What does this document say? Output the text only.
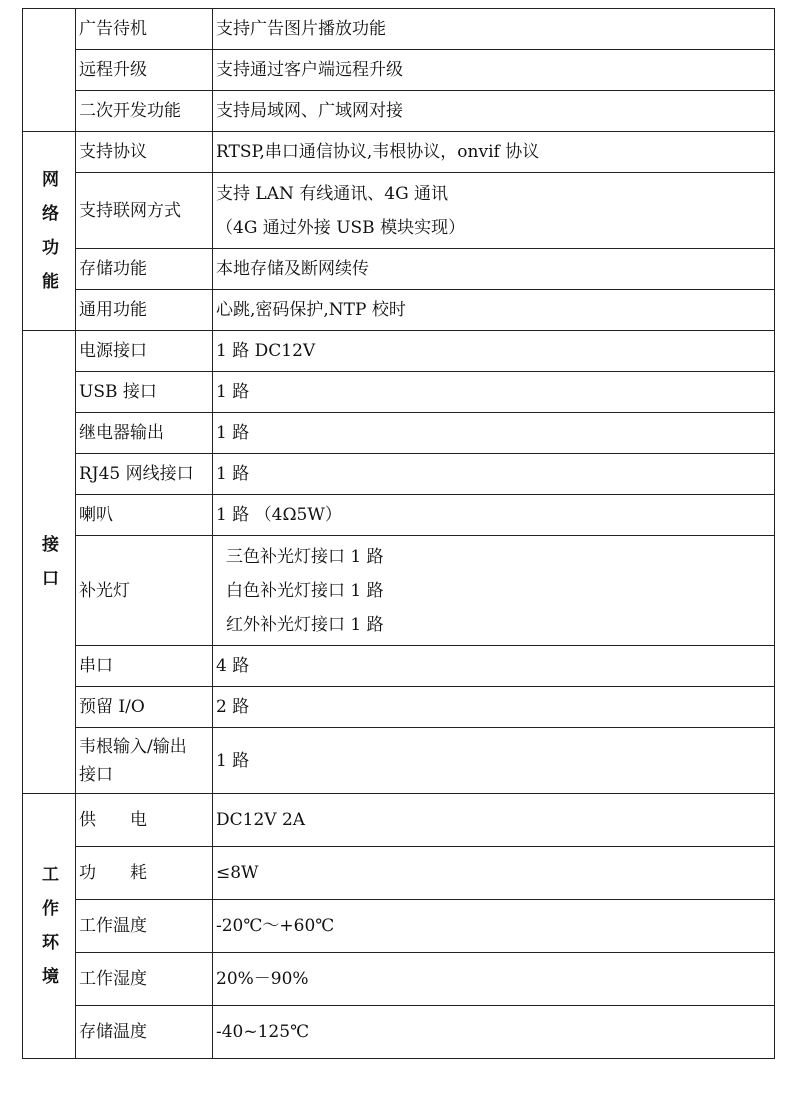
	广告待机	支持广告图片播放功能
	远程升级	支持通过客户端远程升级
	二次开发功能	支持局域网、广域网对接

网
络
功
能	支持协议	RTSP,串口通信协议,韦根协议，onvif 协议
	支持联网方式	支持 LAN 有线通讯、4G 通讯
（4G 通过外接 USB 模块实现）

	存储功能	本地存储及断网续传
	通用功能	心跳,密码保护,NTP 校时

接
口	电源接口	1 路 DC12V
	USB 接口	1 路
	继电器输出	1 路
	RJ45 网线接口	1 路
	喇叭	1 路 （4Ω5W）
	补光灯	三色补光灯接口 1 路
白色补光灯接口 1 路
红外补光灯接口 1 路

	串口	4 路
	预留 I/O	2 路

	韦根输入/输出
接口	1 路

工
作
环
境	供　　电	DC12V 2A
	功　　耗	≤8W
	工作温度	-20℃～+60℃
	工作湿度	20%－90%
	存储温度	-40~125℃
